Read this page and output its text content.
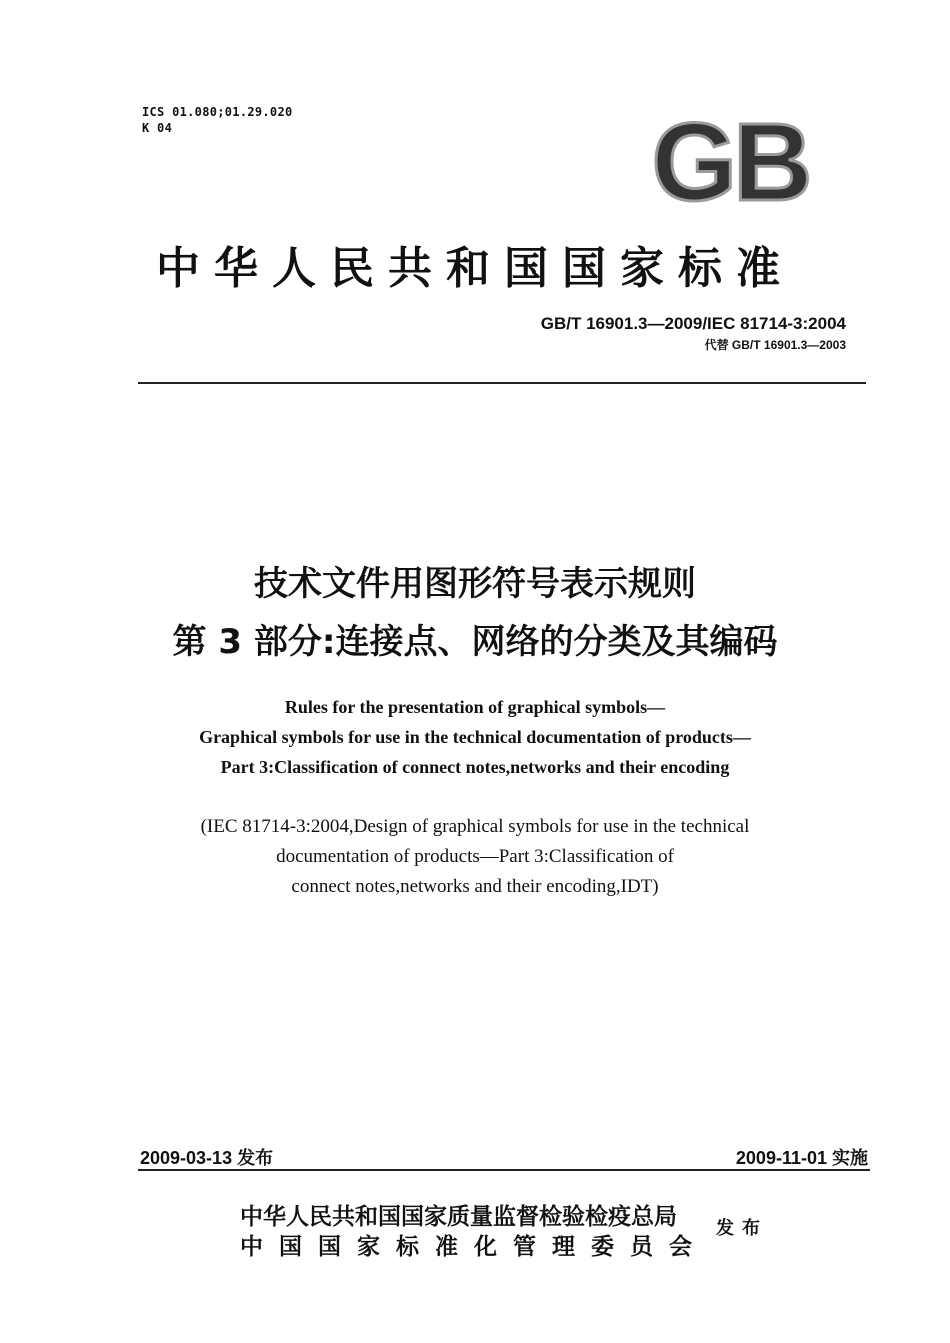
ICS 01.080;01.29.020
K 04	GB
中华人民共和国国家标准
GB/T 16901.3—2009/IEC 81714-3:2004
代替 GB/T 16901.3—2003
技术文件用图形符号表示规则
第 3 部分:连接点、网络的分类及其编码
Rules for the presentation of graphical symbols—
Graphical symbols for use in the technical documentation of products—
Part 3:Classification of connect notes,networks and their encoding
(IEC 81714-3:2004,Design of graphical symbols for use in the technical
documentation of products—Part 3:Classification of
connect notes,networks and their encoding,IDT)
2009-03-13 发布	2009-11-01 实施
中华人民共和国国家质量监督检验检疫总局
中国国家标准化管理委员会
发布
